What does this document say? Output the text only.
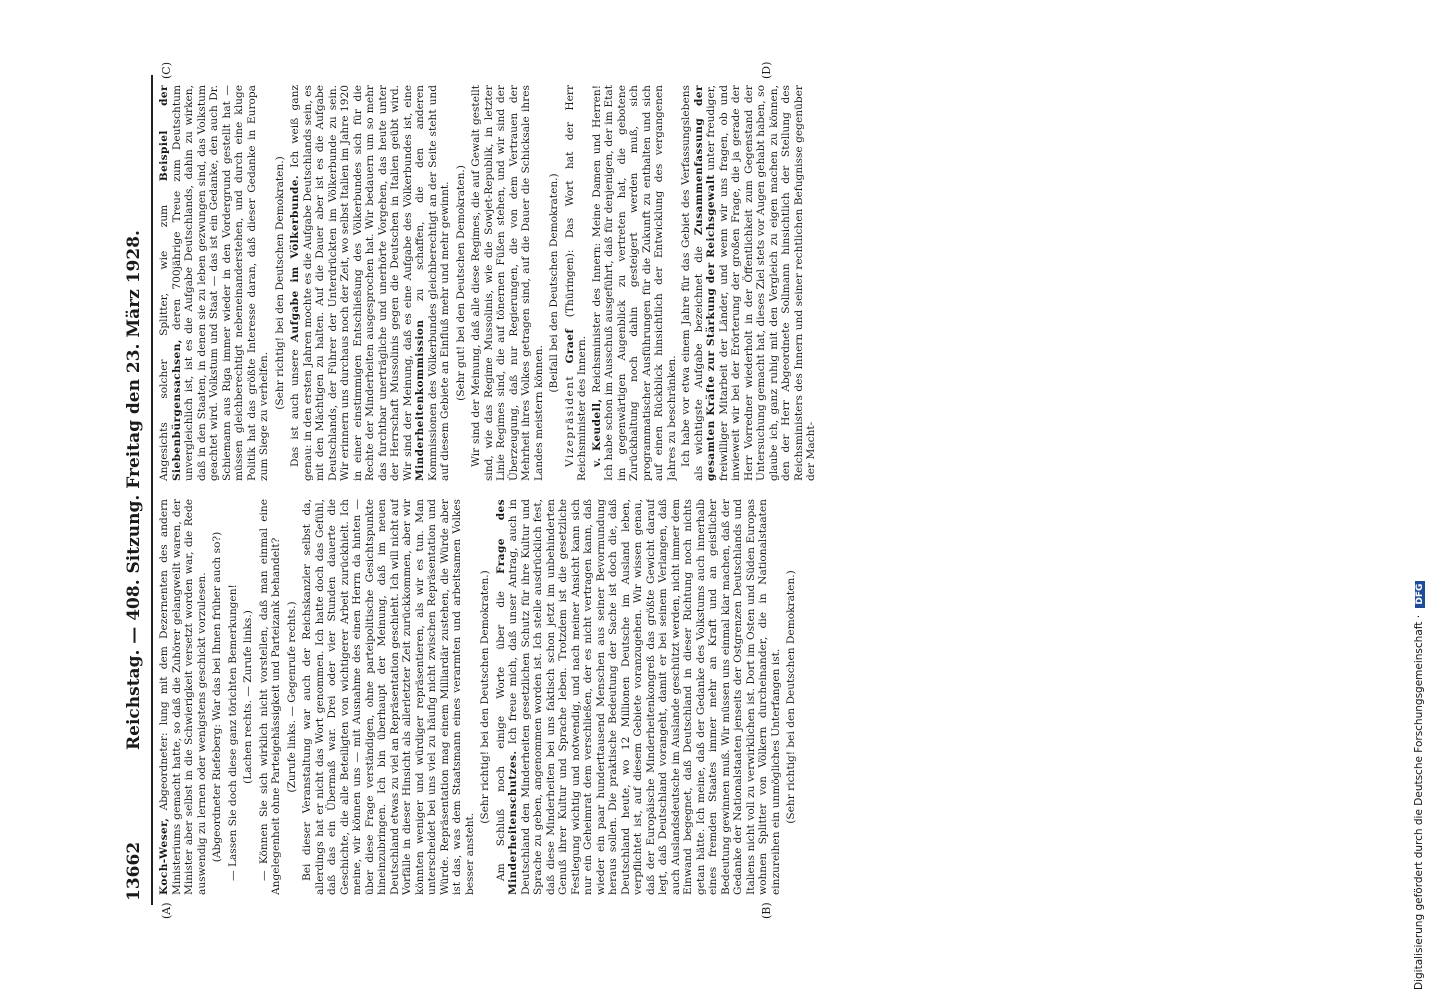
13662
Reichstag. — 408. Sitzung. Freitag den 23. März 1928.
(A)	(B)
(C)	(D)

Koch-Weser, Abgeordneter: lung mit dem Dezernenten des andern Ministeriums gemacht hatte, so daß die Zuhörer gelangweilt waren, der Minister aber selbst in die Schwierigkeit versetzt worden war, die Rede auswendig zu lernen oder wenigstens geschickt vorzulesen. (Abgeordneter Riefeberg: War das bei Ihnen früher auch so?) — Lassen Sie doch diese ganz törichten Bemerkungen! (Lachen rechts. — Zurufe links.) — Können Sie sich wirklich nicht vorstellen, daß man einmal eine Angelegenheit ohne Parteigehässigkeit und Parteizank behandelt? (Zurufe links. — Gegenrufe rechts.) Bei dieser Veranstaltung war auch der Reichskanzler selbst da, allerdings hat er nicht das Wort genommen. Ich hatte doch das Gefühl, daß das ein Übermaß war. Drei oder vier Stunden dauerte die Geschichte, die alle Beteiligten von wichtigerer Arbeit zurückhielt. Ich meine, wir können uns — mit Ausnahme des einen Herrn da hinten — über diese Frage verständigen, ohne parteipolitische Gesichtspunkte hineinzubringen. Ich bin überhaupt der Meinung, daß im neuen Deutschland etwas zu viel an Repräsentation geschieht. Ich will nicht auf Vorfälle in dieser Hinsicht als allerletzter Zeit zurückkommen, aber wir könnten weniger und würdiger repräsentieren, als wir es tun. Man unterscheidet bei uns viel zu häufig nicht zwischen Repräsentation und Würde. Repräsentation mag einem Milliardär zustehen, die Würde aber ist das, was dem Staatsmann eines verarmten und arbeitsamen Volkes besser ansteht.

(Sehr richtig! bei den Deutschen Demokraten.) Am Schluß noch einige Worte über die Frage des Minderheitenschutzes. Ich freue mich, daß unser Antrag, auch in Deutschland den Minderheiten gesetzlichen Schutz für ihre Kultur und Sprache zu geben, angenommen worden ist. Ich stelle ausdrücklich fest, daß diese Minderheiten bei uns faktisch schon jetzt im unbehinderten Genuß ihrer Kultur und Sprache leben. Trotzdem ist die gesetzliche Festlegung wichtig und notwendig, und nach meiner Ansicht kann sich nur ein Geheimrat dem verschließen, der es nicht vertragen kann, daß wieder ein paar hunderttausend Menschen aus seiner Bevormundung heraus sollen. Die praktische Bedeutung der Sache ist doch die, daß Deutschland heute, wo 12 Millionen Deutsche im Ausland leben, verpflichtet ist, auf diesem Gebiete voranzugehen. Wir wissen genau, daß der Europäische Minderheitenkongreß das größte Gewicht darauf legt, daß Deutschland vorangeht, damit er bei seinem Verlangen, daß auch Auslandsdeutsche im Auslande geschützt werden, nicht immer dem Einwand begegnet, daß Deutschland in dieser Richtung noch nichts getan hätte. Ich meine, daß der Gedanke des Volkstums auch innerhalb eines fremden Staates immer mehr an Kraft und an geistlicher Bedeutung gewinnen muß. Wir müssen uns einmal klar machen, daß der Gedanke der Nationalstaaten jenseits der Ostgrenzen Deutschlands und Italiens nicht voll zu verwirklichen ist. Dort im Osten und Süden Europas wohnen Splitter von Völkern durcheinander, die in Nationalstaaten einzureihen ein unmögliches Unterfangen ist. (Sehr richtig! bei den Deutschen Demokraten.)

Angesichts solcher Splitter, wie zum Beispiel der Siebenbürgensachsen, deren 700jährige Treue zum Deutschtum unvergleichlich ist, ist es die Aufgabe Deutschlands, dahin zu wirken, daß in den Staaten, in denen sie zu leben gezwungen sind, das Volkstum geachtet wird. Volkstum und Staat — das ist ein Gedanke, den auch Dr. Schiemann aus Riga immer wieder in den Vordergrund gestellt hat — müssen gleichberechtigt nebeneinanderstehen, und durch eine kluge Politik hat das größte Interesse daran, daß dieser Gedanke in Europa zum Siege zu verhelfen.

(Sehr richtig! bei den Deutschen Demokraten.) Das ist auch unsere Aufgabe im Völkerbunde. Ich weiß ganz genau: in den ersten Jahren mochte es die Aufgabe Deutschlands sein, es mit den Mächtigen zu halten. Auf die Dauer aber ist es die Aufgabe Deutschlands, der Führer der Unterdrückten im Völkerbunde zu sein. Wir erinnern uns durchaus noch der Zeit, wo selbst Italien im Jahre 1920 in einer einstimmigen Entschließung des Völkerbundes sich für die Rechte der Minderheiten ausgesprochen hat. Wir bedauern um so mehr das furchtbar unerträgliche und unerhörte Vorgehen, das heute unter der Herrschaft Mussolinis gegen die Deutschen in Italien geübt wird. Wir sind der Meinung, daß es eine Aufgabe des Völkerbundes ist, eine Minderheitenkommission zu schaffen, die den anderen Kommissionen des Völkerbundes gleichberechtigt an der Seite steht und auf diesem Gebiete an Einfluß mehr und mehr gewinnt. (Sehr gut! bei den Deutschen Demokraten.) Wir sind der Meinung, daß alle diese Regimes, die auf Gewalt gestellt sind, wie das Regime Mussolinis, wie die Sowjet-Republik, in letzter Linie Regimes sind, die auf tönernen Füßen stehen, und wir sind der Überzeugung, daß nur Regierungen, die von dem Vertrauen der Mehrheit ihres Volkes getragen sind, auf die Dauer die Schicksale ihres Landes meistern können.

(Beifall bei den Deutschen Demokraten.)

Vizepräsident Graef (Thüringen): Das Wort hat der Herr Reichsminister des Innern. v. Keudell, Reichsminister des Innern: Meine Damen und Herren! Ich habe schon im Ausschuß ausgeführt, daß für denjenigen, der im Etat im gegenwärtigen Augenblick zu vertreten hat, die gebotene Zurückhaltung noch dahin gesteigert werden muß, sich programmatischer Ausführungen für die Zukunft zu enthalten und sich auf einen Rückblick hinsichtlich der Entwicklung des vergangenen Jahres zu beschränken. Ich habe vor etwa einem Jahre für das Gebiet des Verfassungslebens als wichtigste Aufgabe bezeichnet die Zusammenfassung der gesamten Kräfte zur Stärkung der Reichsgewalt unter freudiger, freiwilliger Mitarbeit der Länder, und wenn wir uns fragen, ob und inwieweit wir bei der Erörterung der großen Frage, die ja gerade der Herr Vorredner wiederholt in der Öffentlichkeit zum Gegenstand der Untersuchung gemacht hat, dieses Ziel stets vor Augen gehabt haben, so glaube ich, ganz ruhig mit den Vergleich zu eigen machen zu können, den der Herr Abgeordnete Sollmann hinsichtlich der Stellung des Reichsministers des Innern und seiner rechtlichen Befugnisse gegenüber der Macht-

Digitalisierung gefördert durch die Deutsche Forschungsgemeinschaft · DFG
